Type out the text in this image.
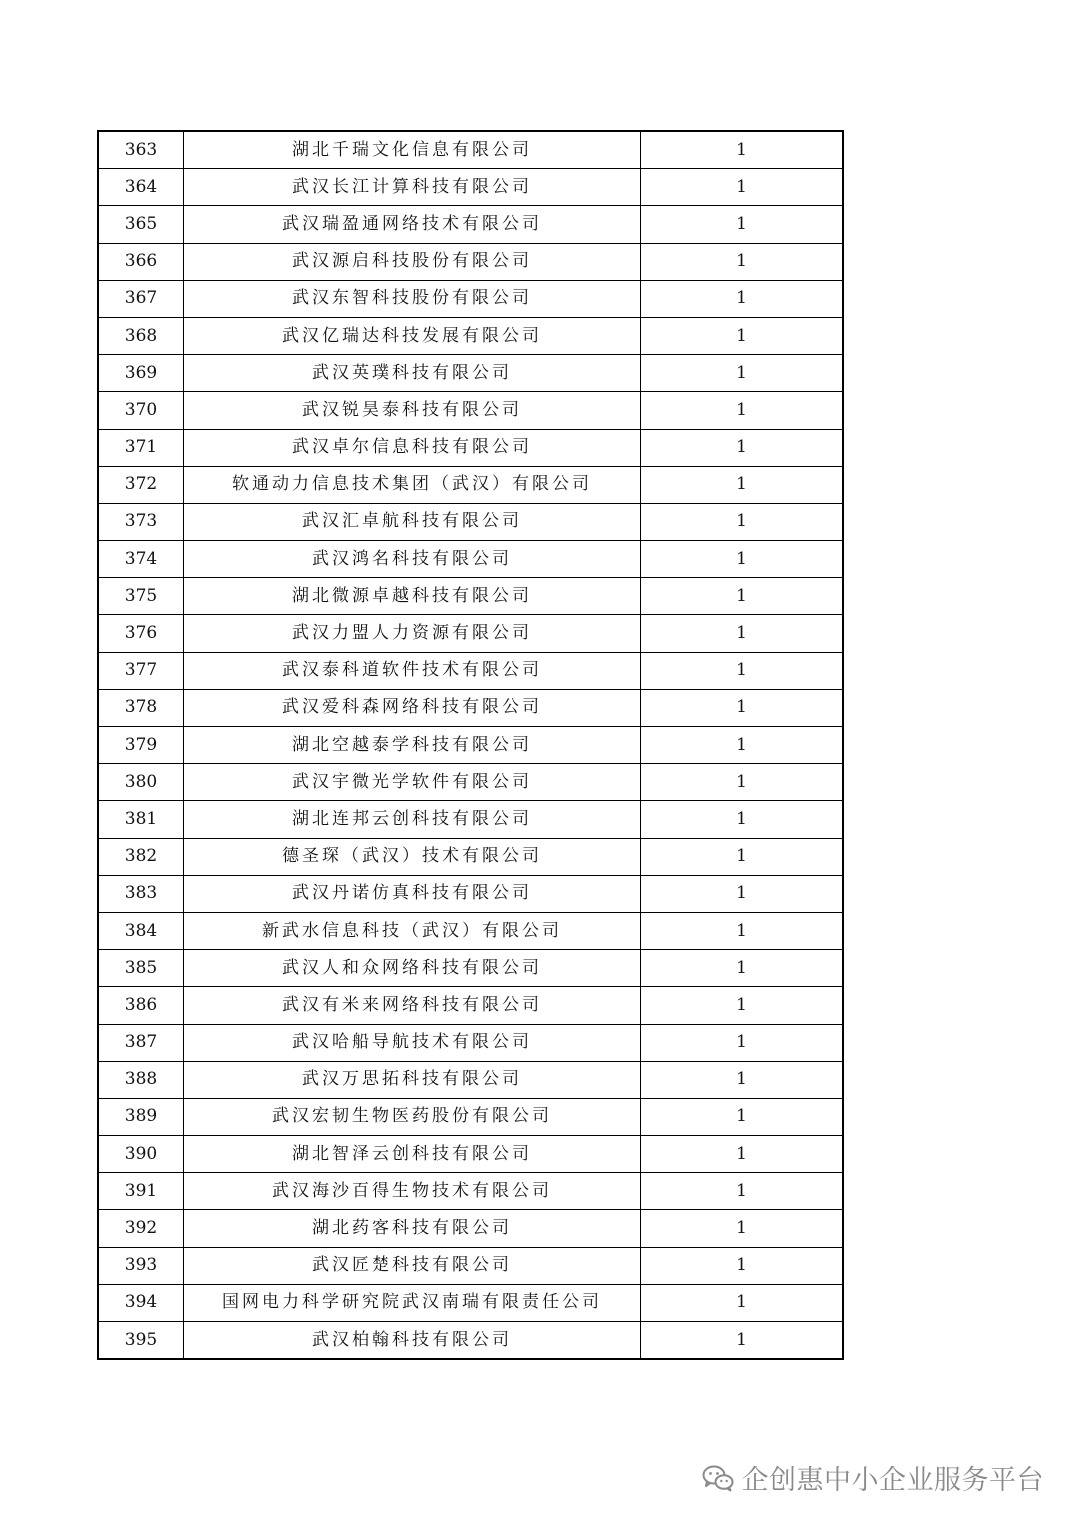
363	湖北千瑞文化信息有限公司	1
364	武汉长江计算科技有限公司	1
365	武汉瑞盈通网络技术有限公司	1
366	武汉源启科技股份有限公司	1
367	武汉东智科技股份有限公司	1
368	武汉亿瑞达科技发展有限公司	1
369	武汉英璞科技有限公司	1
370	武汉锐昊泰科技有限公司	1
371	武汉卓尔信息科技有限公司	1
372	软通动力信息技术集团（武汉）有限公司	1
373	武汉汇卓航科技有限公司	1
374	武汉鸿名科技有限公司	1
375	湖北微源卓越科技有限公司	1
376	武汉力盟人力资源有限公司	1
377	武汉泰科道软件技术有限公司	1
378	武汉爱科森网络科技有限公司	1
379	湖北空越泰学科技有限公司	1
380	武汉宇微光学软件有限公司	1
381	湖北连邦云创科技有限公司	1
382	德圣琛（武汉）技术有限公司	1
383	武汉丹诺仿真科技有限公司	1
384	新武水信息科技（武汉）有限公司	1
385	武汉人和众网络科技有限公司	1
386	武汉有米来网络科技有限公司	1
387	武汉哈船导航技术有限公司	1
388	武汉万思拓科技有限公司	1
389	武汉宏韧生物医药股份有限公司	1
390	湖北智泽云创科技有限公司	1
391	武汉海沙百得生物技术有限公司	1
392	湖北药客科技有限公司	1
393	武汉匠楚科技有限公司	1
394	国网电力科学研究院武汉南瑞有限责任公司	1
395	武汉柏翰科技有限公司	1
企创惠中小企业服务平台
